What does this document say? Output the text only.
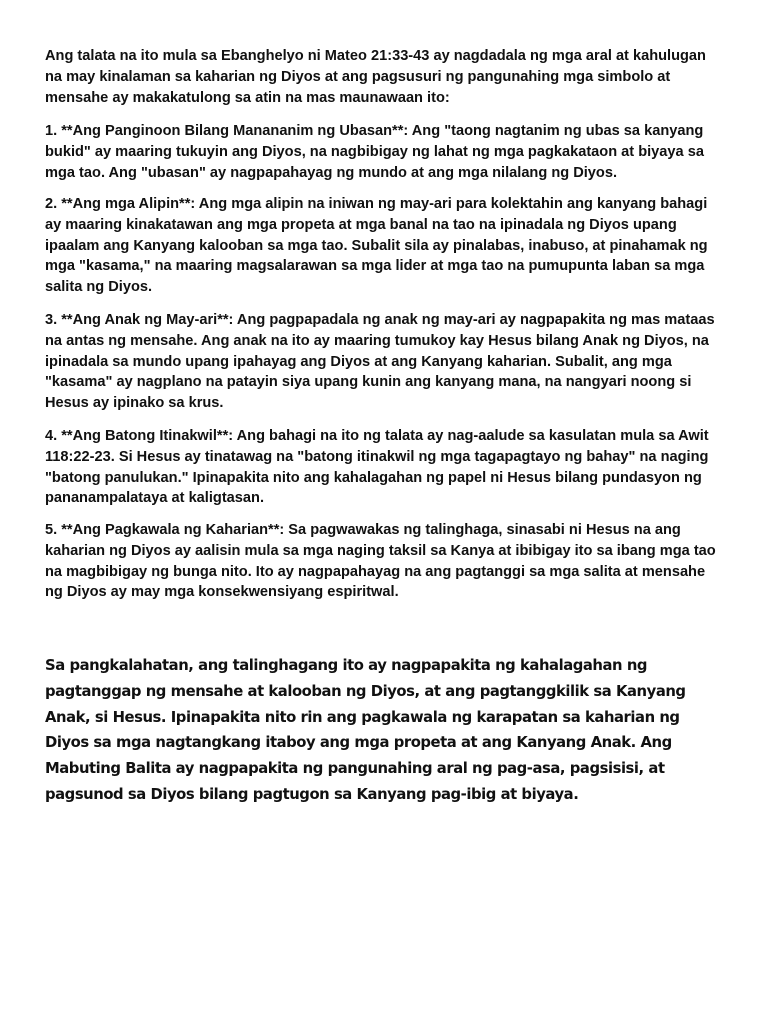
Ang talata na ito mula sa Ebanghelyo ni Mateo 21:33-43 ay nagdadala ng mga aral at kahulugan na may kinalaman sa kaharian ng Diyos at ang pagsusuri ng pangunahing mga simbolo at mensahe ay makakatulong sa atin na mas maunawaan ito:

1. **Ang Panginoon Bilang Manananim ng Ubasan**: Ang "taong nagtanim ng ubas sa kanyang bukid" ay maaring tukuyin ang Diyos, na nagbibigay ng lahat ng mga pagkakataon at biyaya sa mga tao. Ang "ubasan" ay nagpapahayag ng mundo at ang mga nilalang ng Diyos.

2. **Ang mga Alipin**: Ang mga alipin na iniwan ng may-ari para kolektahin ang kanyang bahagi ay maaring kinakatawan ang mga propeta at mga banal na tao na ipinadala ng Diyos upang ipaalam ang Kanyang kalooban sa mga tao. Subalit sila ay pinalabas, inabuso, at pinahamak ng mga "kasama," na maaring magsalarawan sa mga lider at mga tao na pumupunta laban sa mga salita ng Diyos.

3. **Ang Anak ng May-ari**: Ang pagpapadala ng anak ng may-ari ay nagpapakita ng mas mataas na antas ng mensahe. Ang anak na ito ay maaring tumukoy kay Hesus bilang Anak ng Diyos, na ipinadala sa mundo upang ipahayag ang Diyos at ang Kanyang kaharian. Subalit, ang mga "kasama" ay nagplano na patayin siya upang kunin ang kanyang mana, na nangyari noong si Hesus ay ipinako sa krus.

4. **Ang Batong Itinakwil**: Ang bahagi na ito ng talata ay nag-aalude sa kasulatan mula sa Awit 118:22-23. Si Hesus ay tinatawag na "batong itinakwil ng mga tagapagtayo ng bahay" na naging "batong panulukan." Ipinapakita nito ang kahalagahan ng papel ni Hesus bilang pundasyon ng pananampalataya at kaligtasan.

5. **Ang Pagkawala ng Kaharian**: Sa pagwawakas ng talinghaga, sinasabi ni Hesus na ang kaharian ng Diyos ay aalisin mula sa mga naging taksil sa Kanya at ibibigay ito sa ibang mga tao na magbibigay ng bunga nito. Ito ay nagpapahayag na ang pagtanggi sa mga salita at mensahe ng Diyos ay may mga konsekwensiyang espiritwal.

Sa pangkalahatan, ang talinghagang ito ay nagpapakita ng kahalagahan ng pagtanggap ng mensahe at kalooban ng Diyos, at ang pagtanggkilik sa Kanyang Anak, si Hesus. Ipinapakita nito rin ang pagkawala ng karapatan sa kaharian ng Diyos sa mga nagtangkang itaboy ang mga propeta at ang Kanyang Anak. Ang Mabuting Balita ay nagpapakita ng pangunahing aral ng pag-asa, pagsisisi, at pagsunod sa Diyos bilang pagtugon sa Kanyang pag-ibig at biyaya.
